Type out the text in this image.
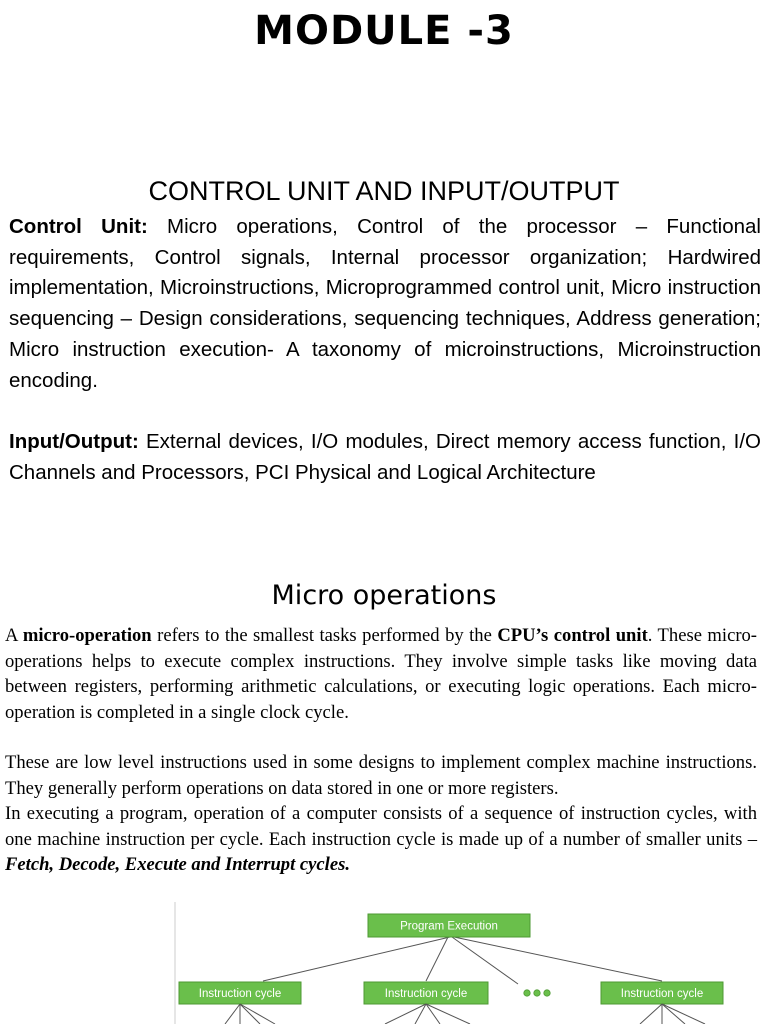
MODULE -3
CONTROL UNIT AND INPUT/OUTPUT
Control Unit: Micro operations, Control of the processor – Functional requirements, Control signals, Internal processor organization; Hardwired implementation, Microinstructions, Microprogrammed control unit, Micro instruction sequencing – Design considerations, sequencing techniques, Address generation; Micro instruction execution- A taxonomy of microinstructions, Microinstruction encoding.
Input/Output: External devices, I/O modules, Direct memory access function, I/O Channels and Processors, PCI Physical and Logical Architecture
Micro operations
A micro-operation refers to the smallest tasks performed by the CPU’s control unit. These micro-operations helps to execute complex instructions. They involve simple tasks like moving data between registers, performing arithmetic calculations, or executing logic operations. Each micro-operation is completed in a single clock cycle.
These are low level instructions used in some designs to implement complex machine instructions. They generally perform operations on data stored in one or more registers.
In executing a program, operation of a computer consists of a sequence of instruction cycles, with one machine instruction per cycle. Each instruction cycle is made up of a number of smaller units – Fetch, Decode, Execute and Interrupt cycles.
Program Execution
Instruction cycle	Instruction cycle	Instruction cycle
